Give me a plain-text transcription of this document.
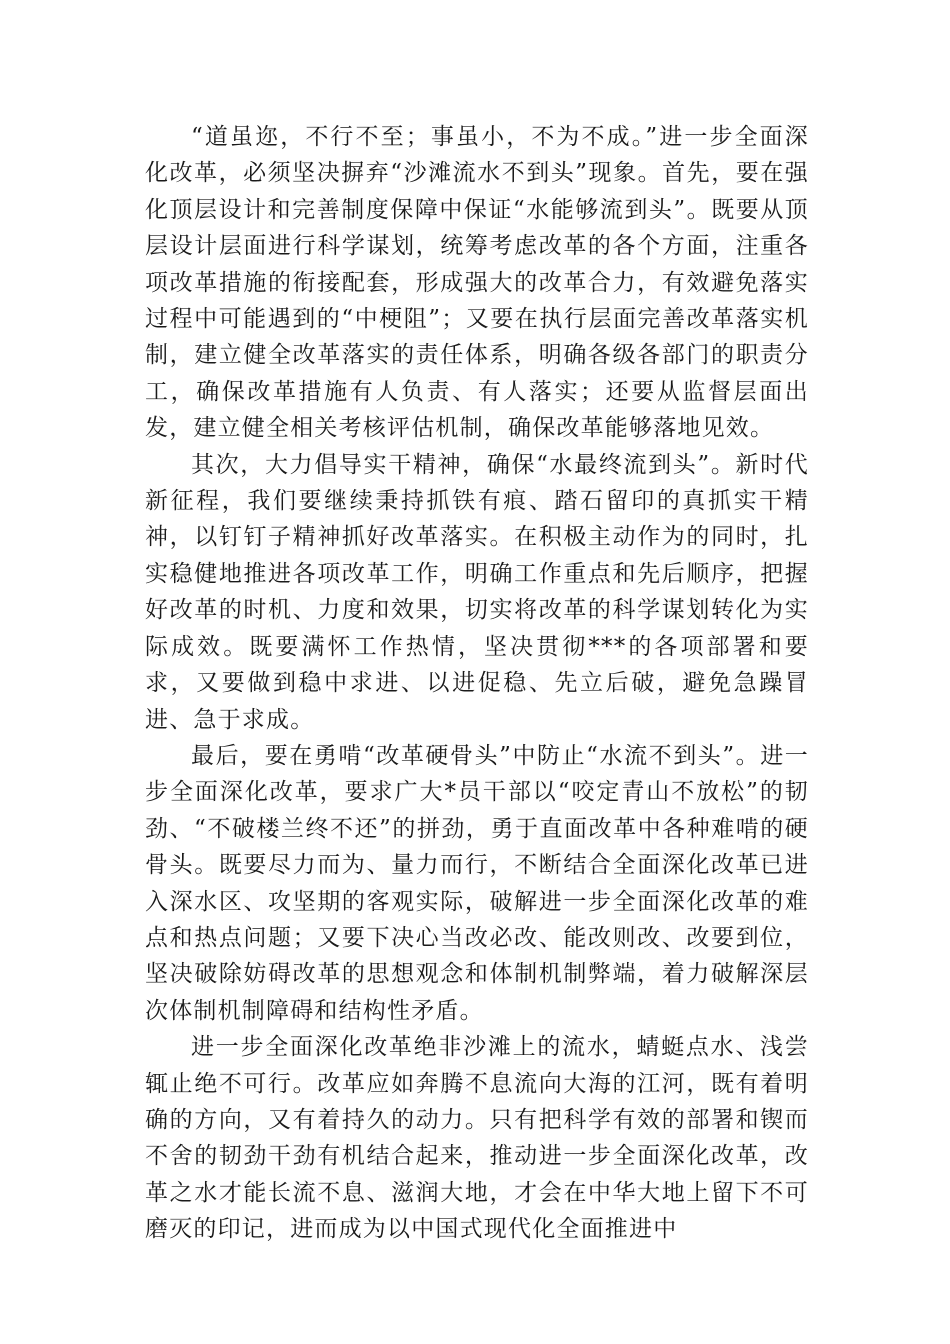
“道虽迩，不行不至；事虽小，不为不成。”进一步全面深化改革，必须坚决摒弃“沙滩流水不到头”现象。首先，要在强化顶层设计和完善制度保障中保证“水能够流到头”。既要从顶层设计层面进行科学谋划，统筹考虑改革的各个方面，注重各项改革措施的衔接配套，形成强大的改革合力，有效避免落实过程中可能遇到的“中梗阻”；又要在执行层面完善改革落实机制，建立健全改革落实的责任体系，明确各级各部门的职责分工，确保改革措施有人负责、有人落实；还要从监督层面出发，建立健全相关考核评估机制，确保改革能够落地见效。

其次，大力倡导实干精神，确保“水最终流到头”。新时代新征程，我们要继续秉持抓铁有痕、踏石留印的真抓实干精神，以钉钉子精神抓好改革落实。在积极主动作为的同时，扎实稳健地推进各项改革工作，明确工作重点和先后顺序，把握好改革的时机、力度和效果，切实将改革的科学谋划转化为实际成效。既要满怀工作热情，坚决贯彻***的各项部署和要求，又要做到稳中求进、以进促稳、先立后破，避免急躁冒进、急于求成。

最后，要在勇啃“改革硬骨头”中防止“水流不到头”。进一步全面深化改革，要求广大*员干部以“咬定青山不放松”的韧劲、“不破楼兰终不还”的拼劲，勇于直面改革中各种难啃的硬骨头。既要尽力而为、量力而行，不断结合全面深化改革已进入深水区、攻坚期的客观实际，破解进一步全面深化改革的难点和热点问题；又要下决心当改必改、能改则改、改要到位，坚决破除妨碍改革的思想观念和体制机制弊端，着力破解深层次体制机制障碍和结构性矛盾。

进一步全面深化改革绝非沙滩上的流水，蜻蜓点水、浅尝辄止绝不可行。改革应如奔腾不息流向大海的江河，既有着明确的方向，又有着持久的动力。只有把科学有效的部署和锲而不舍的韧劲干劲有机结合起来，推动进一步全面深化改革，改革之水才能长流不息、滋润大地，才会在中华大地上留下不可磨灭的印记，进而成为以中国式现代化全面推进中
